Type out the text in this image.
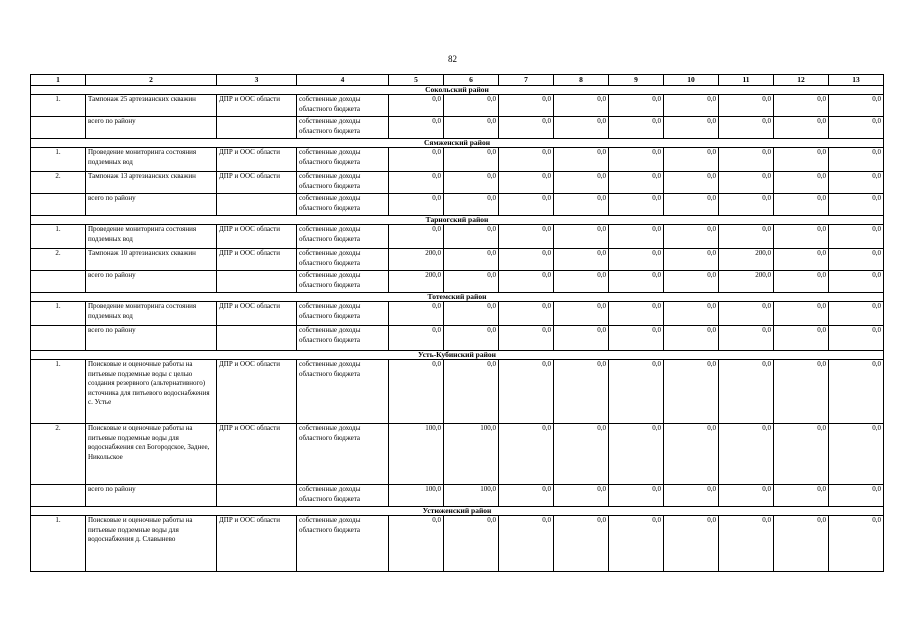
82
1	2	3	4	5	6	7	8	9	10	11	12	13
Сокольский район												
1.	Тампонаж 25 артезианских скважин	ДПР и ООС области	собственные доходы областного бюджета	0,0	0,0	0,0	0,0	0,0	0,0	0,0	0,0	0,0
	всего по району		собственные доходы областного бюджета	0,0	0,0	0,0	0,0	0,0	0,0	0,0	0,0	0,0
Сямженский район												
1.	Проведение мониторинга состояния подземных вод	ДПР и ООС области	собственные доходы областного бюджета	0,0	0,0	0,0	0,0	0,0	0,0	0,0	0,0	0,0
2.	Тампонаж 13 артезианских скважин	ДПР и ООС области	собственные доходы областного бюджета	0,0	0,0	0,0	0,0	0,0	0,0	0,0	0,0	0,0
	всего по району		собственные доходы областного бюджета	0,0	0,0	0,0	0,0	0,0	0,0	0,0	0,0	0,0
Тарногский район												
1.	Проведение мониторинга состояния подземных вод	ДПР и ООС области	собственные доходы областного бюджета	0,0	0,0	0,0	0,0	0,0	0,0	0,0	0,0	0,0
2.	Тампонаж 10 артезианских скважин	ДПР и ООС области	собственные доходы областного бюджета	200,0	0,0	0,0	0,0	0,0	0,0	200,0	0,0	0,0
	всего по району		собственные доходы областного бюджета	200,0	0,0	0,0	0,0	0,0	0,0	200,0	0,0	0,0
Тотемский район												
1.	Проведение мониторинга состояния подземных вод	ДПР и ООС области	собственные доходы областного бюджета	0,0	0,0	0,0	0,0	0,0	0,0	0,0	0,0	0,0
	всего по району		собственные доходы областного бюджета	0,0	0,0	0,0	0,0	0,0	0,0	0,0	0,0	0,0
Усть-Кубинский район												
1.	Поисковые и оценочные работы на питьевые подземные воды с целью создания резервного (альтернативного) источника для питьевого водоснабжения с. Устье	ДПР и ООС области	собственные доходы областного бюджета	0,0	0,0	0,0	0,0	0,0	0,0	0,0	0,0	0,0
2.	Поисковые и оценочные работы на питьевые подземные воды для водоснабжения сел Богородское, Заднее, Никольское	ДПР и ООС области	собственные доходы областного бюджета	100,0	100,0	0,0	0,0	0,0	0,0	0,0	0,0	0,0
	всего по району		собственные доходы областного бюджета	100,0	100,0	0,0	0,0	0,0	0,0	0,0	0,0	0,0
Устюженский район												
1.	Поисковые и оценочные работы на питьевые подземные воды для водоснабжения д. Славынево	ДПР и ООС области	собственные доходы областного бюджета	0,0	0,0	0,0	0,0	0,0	0,0	0,0	0,0	0,0
